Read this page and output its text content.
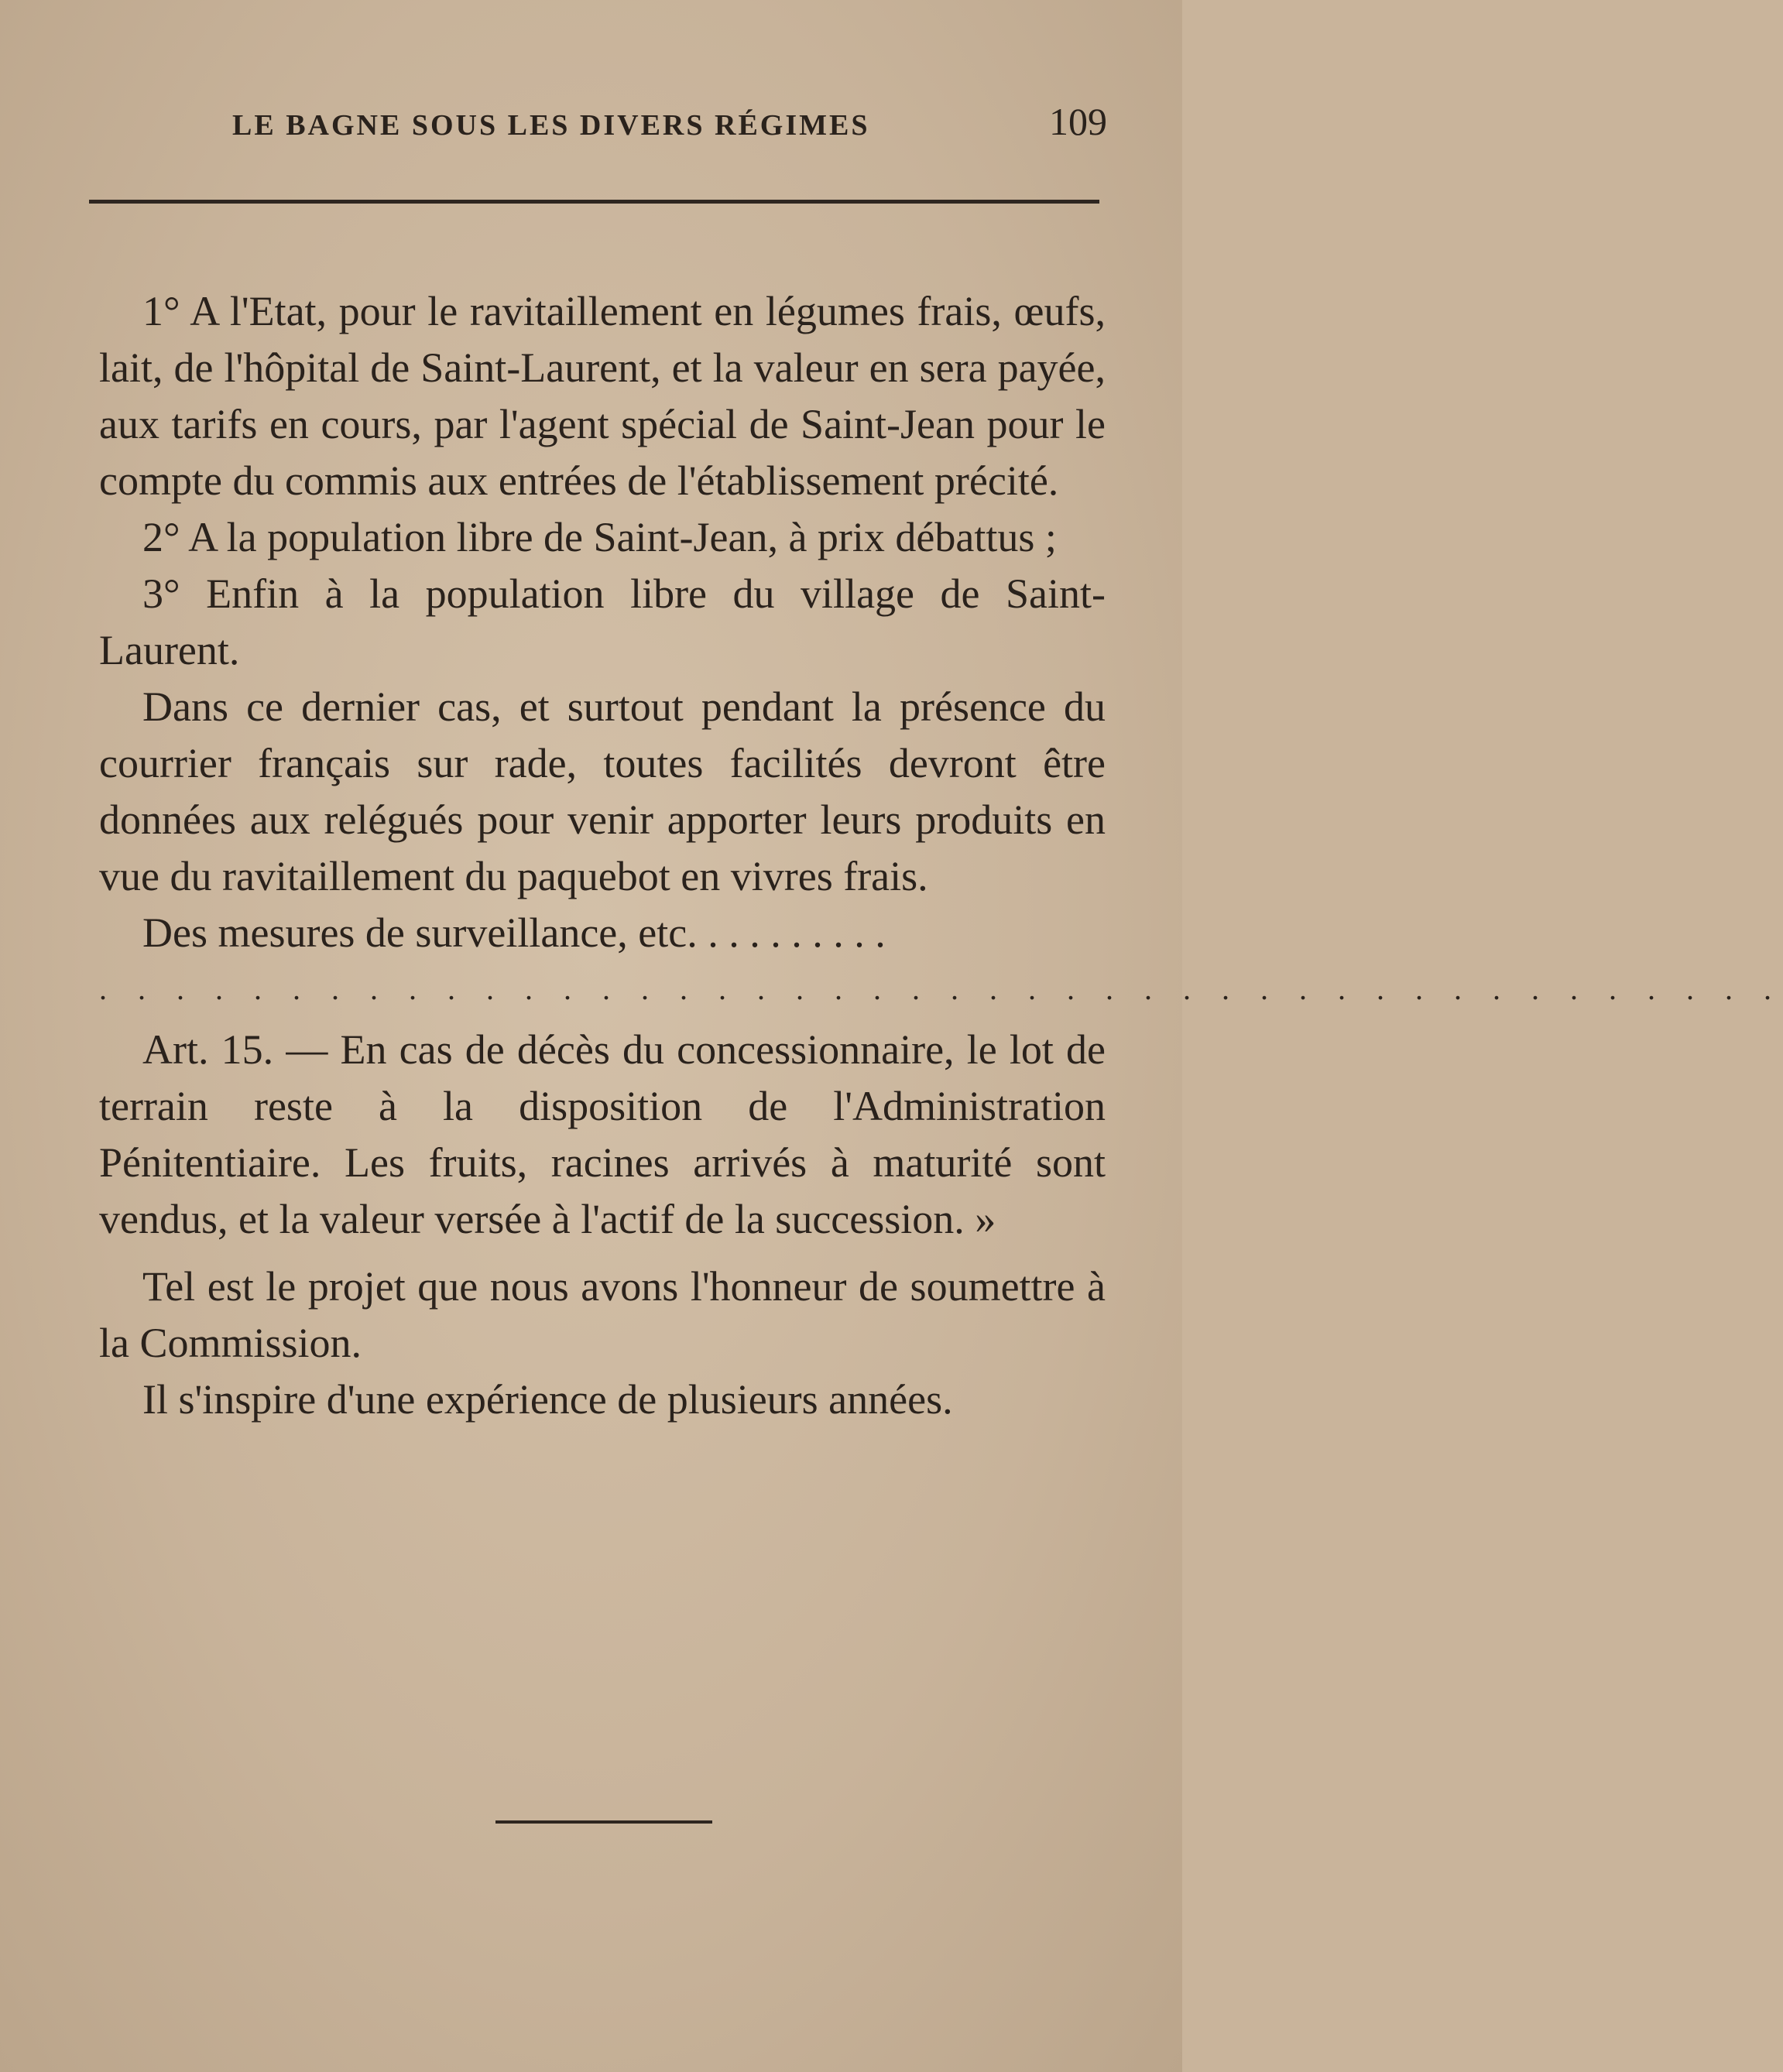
LE BAGNE SOUS LES DIVERS RÉGIMES	109

1° A l'Etat, pour le ravitaillement en légumes frais, œufs, lait, de l'hôpital de Saint-Laurent, et la valeur en sera payée, aux tarifs en cours, par l'agent spécial de Saint-Jean pour le compte du commis aux entrées de l'établissement précité.

2° A la population libre de Saint-Jean, à prix débattus ;

3° Enfin à la population libre du village de Saint-Laurent.

Dans ce dernier cas, et surtout pendant la présence du courrier français sur rade, toutes facilités devront être données aux relégués pour venir apporter leurs produits en vue du ravitaillement du paquebot en vivres frais.

Des mesures de surveillance, etc. . . . . . . . . .

. . . . . . . . . . . . . . . . . . . . . . . . . . . . . . . . . . . . . . . . . . . .

Art. 15. — En cas de décès du concessionnaire, le lot de terrain reste à la disposition de l'Administration Pénitentiaire. Les fruits, racines arrivés à maturité sont vendus, et la valeur versée à l'actif de la succession. »

Tel est le projet que nous avons l'honneur de soumettre à la Commission.

Il s'inspire d'une expérience de plusieurs années.
